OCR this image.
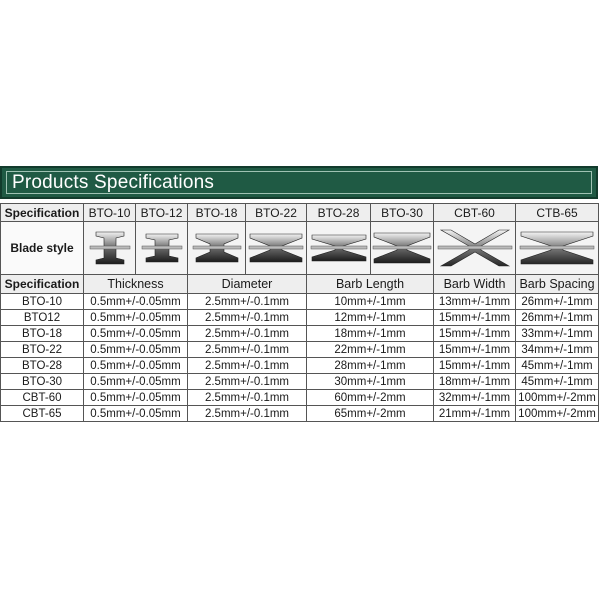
Products Specifications
Specification	BTO-10	BTO-12	BTO-18	BTO-22	BTO-28	BTO-30	CBT-60	CTB-65
Blade style	

Specification	Thickness		Diameter		Barb Length		Barb Width	Barb Spacing
BTO-10	0.5mm+/-0.05mm		2.5mm+/-0.1mm		10mm+/-1mm		13mm+/-1mm	26mm+/-1mm
BTO12	0.5mm+/-0.05mm		2.5mm+/-0.1mm		12mm+/-1mm		15mm+/-1mm	26mm+/-1mm
BTO-18	0.5mm+/-0.05mm		2.5mm+/-0.1mm		18mm+/-1mm		15mm+/-1mm	33mm+/-1mm
BTO-22	0.5mm+/-0.05mm		2.5mm+/-0.1mm		22mm+/-1mm		15mm+/-1mm	34mm+/-1mm
BTO-28	0.5mm+/-0.05mm		2.5mm+/-0.1mm		28mm+/-1mm		15mm+/-1mm	45mm+/-1mm
BTO-30	0.5mm+/-0.05mm		2.5mm+/-0.1mm		30mm+/-1mm		18mm+/-1mm	45mm+/-1mm
CBT-60	0.5mm+/-0.05mm		2.5mm+/-0.1mm		60mm+/-2mm		32mm+/-1mm	100mm+/-2mm
CBT-65	0.5mm+/-0.05mm		2.5mm+/-0.1mm		65mm+/-2mm		21mm+/-1mm	100mm+/-2mm
